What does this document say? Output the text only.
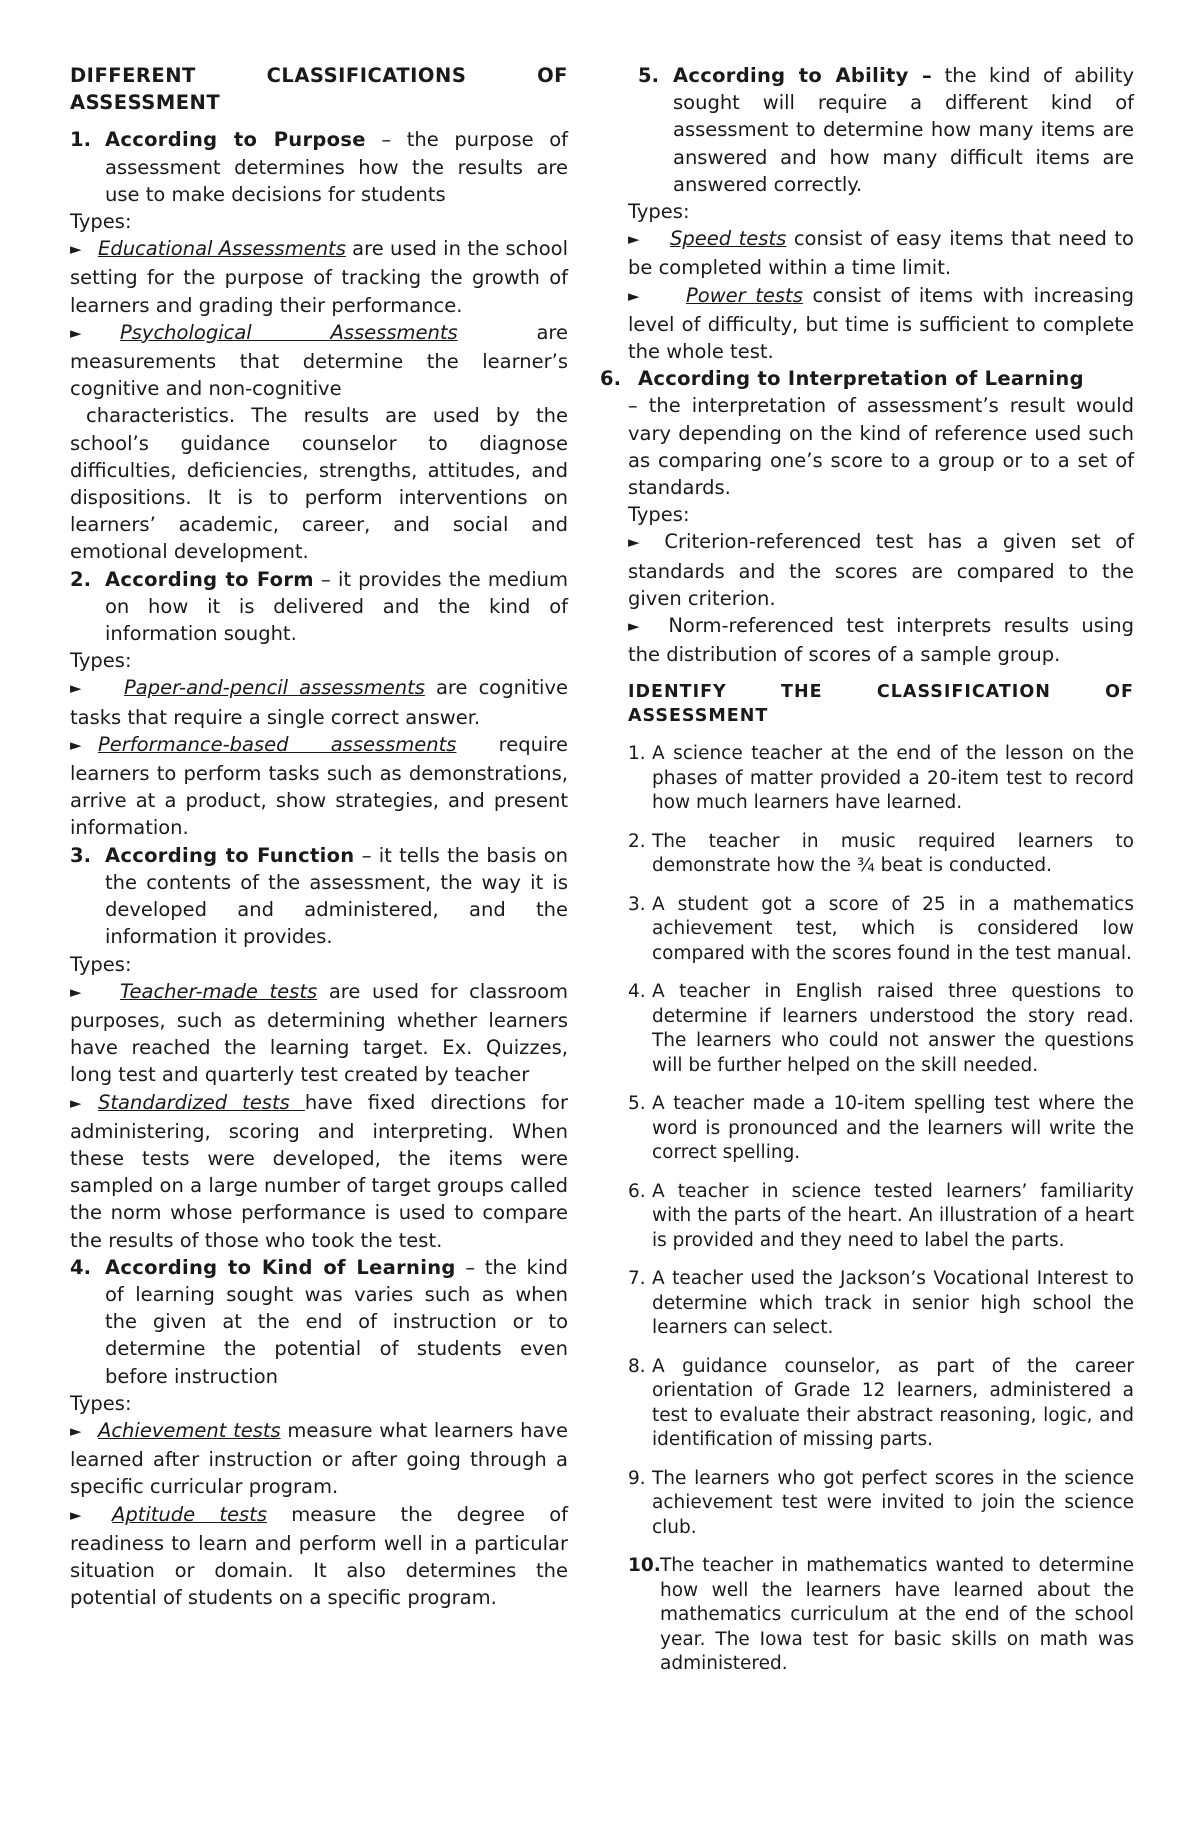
DIFFERENT CLASSIFICATIONS OF

ASSESSMENT

1. According to Purpose – the purpose of assessment determines how the results are use to make decisions for students

Types:

► Educational Assessments are used in the school setting for the purpose of tracking the growth of learners and grading their performance.

► Psychological Assessments are measurements that determine the learner’s cognitive and non-cognitive

characteristics. The results are used by the school’s guidance counselor to diagnose difficulties, deficiencies, strengths, attitudes, and dispositions. It is to perform interventions on learners’ academic, career, and social and emotional development.

2. According to Form – it provides the medium on how it is delivered and the kind of information sought.

Types:

► Paper-and-pencil assessments are cognitive tasks that require a single correct answer.

► Performance-based assessments require learners to perform tasks such as demonstrations, arrive at a product, show strategies, and present information.

3. According to Function – it tells the basis on the contents of the assessment, the way it is developed and administered, and the information it provides.

Types:

► Teacher-made tests are used for classroom purposes, such as determining whether learners have reached the learning target. Ex. Quizzes, long test and quarterly test created by teacher

► Standardized tests have fixed directions for administering, scoring and interpreting. When these tests were developed, the items were sampled on a large number of target groups called the norm whose performance is used to compare the results of those who took the test.

4. According to Kind of Learning – the kind of learning sought was varies such as when the given at the end of instruction or to determine the potential of students even before instruction

Types:

► Achievement tests measure what learners have learned after instruction or after going through a specific curricular program.

► Aptitude tests measure the degree of readiness to learn and perform well in a particular situation or domain. It also determines the potential of students on a specific program.

5. According to Ability – the kind of ability sought will require a different kind of assessment to determine how many items are answered and how many difficult items are answered correctly.

Types:

► Speed tests consist of easy items that need to be completed within a time limit.

► Power tests consist of items with increasing level of difficulty, but time is sufficient to complete the whole test.

6. According to Interpretation of Learning

– the interpretation of assessment’s result would vary depending on the kind of reference used such as comparing one’s score to a group or to a set of standards.

Types:

► Criterion-referenced test has a given set of standards and the scores are compared to the given criterion.

► Norm-referenced test interprets results using the distribution of scores of a sample group.

IDENTIFY THE CLASSIFICATION OF

ASSESSMENT

1. A science teacher at the end of the lesson on the phases of matter provided a 20-item test to record how much learners have learned.
2. The teacher in music required learners to demonstrate how the ¾ beat is conducted.
3. A student got a score of 25 in a mathematics achievement test, which is considered low compared with the scores found in the test manual.
4. A teacher in English raised three questions to determine if learners understood the story read. The learners who could not answer the questions will be further helped on the skill needed.
5. A teacher made a 10-item spelling test where the word is pronounced and the learners will write the correct spelling.
6. A teacher in science tested learners’ familiarity with the parts of the heart. An illustration of a heart is provided and they need to label the parts.
7. A teacher used the Jackson’s Vocational Interest to determine which track in senior high school the learners can select.
8. A guidance counselor, as part of the career orientation of Grade 12 learners, administered a test to evaluate their abstract reasoning, logic, and identification of missing parts.
9. The learners who got perfect scores in the science achievement test were invited to join the science club.
10. The teacher in mathematics wanted to determine how well the learners have learned about the mathematics curriculum at the end of the school year. The Iowa test for basic skills on math was administered.
